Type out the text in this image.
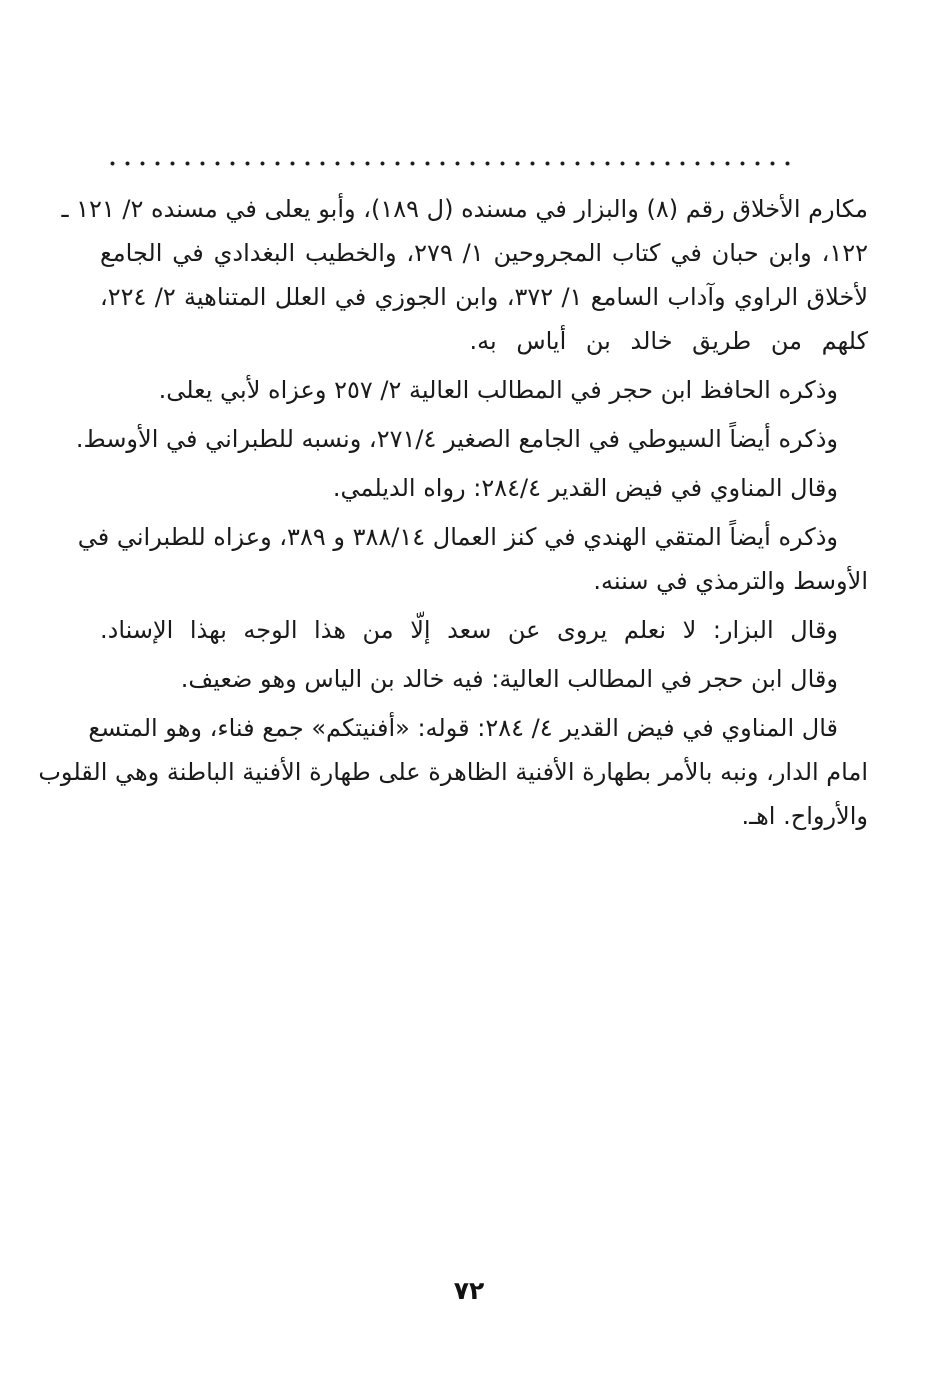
مكارم الأخلاق رقم (٨) والبزار في مسنده (ل ١٨٩)، وأبو يعلى في مسنده ٢/‏ ١٢١ ـ
١٢٢، وابن حبان في كتاب المجروحين ١/‏ ٢٧٩، والخطيب البغدادي في الجامع
لأخلاق الراوي وآداب السامع ١/‏ ٣٧٢، وابن الجوزي في العلل المتناهية ٢/‏ ٢٢٤،
كلهم من طريق خالد بن أياس به.
وذكره الحافظ ابن حجر في المطالب العالية ٢/‏ ٢٥٧ وعزاه لأبي يعلى.
وذكره أيضاً السيوطي في الجامع الصغير ٤/‏٢٧١، ونسبه للطبراني في الأوسط.
وقال المناوي في فيض القدير ٤/‏٢٨٤: رواه الديلمي.
وذكره أيضاً المتقي الهندي في كنز العمال ١٤/‏٣٨٨ و ٣٨٩، وعزاه للطبراني في
الأوسط والترمذي في سننه.
وقال البزار: لا نعلم يروى عن سعد إلّا من هذا الوجه بهذا الإسناد.
وقال ابن حجر في المطالب العالية: فيه خالد بن الياس وهو ضعيف.
قال المناوي في فيض القدير ٤/‏ ٢٨٤: قوله: «أفنيتكم» جمع فناء، وهو المتسع
امام الدار، ونبه بالأمر بطهارة الأفنية الظاهرة على طهارة الأفنية الباطنة وهي القلوب
والأرواح. اهـ.
٧٢
